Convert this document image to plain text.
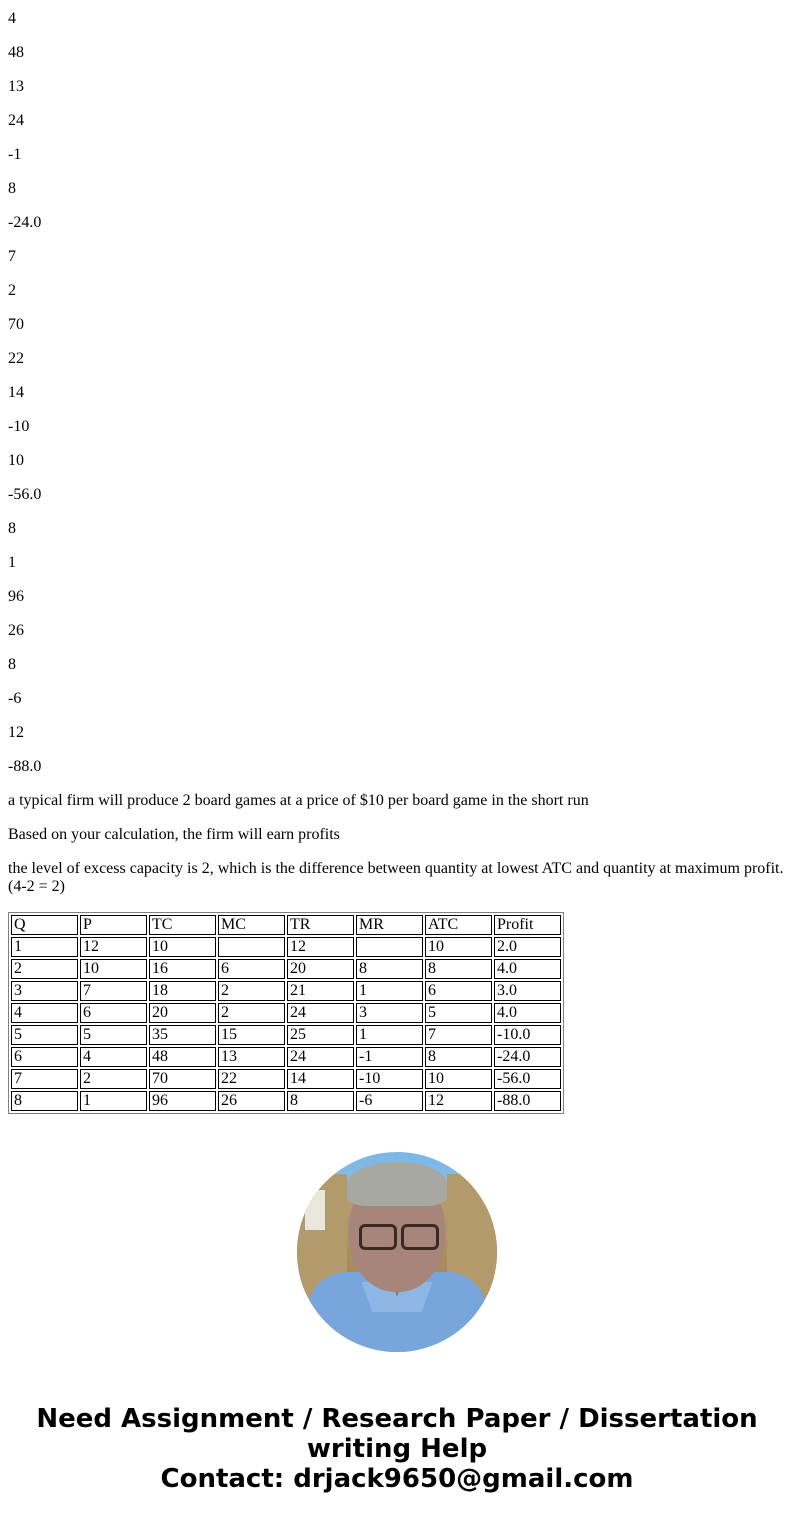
4

48

13

24

-1

8

-24.0

7

2

70

22

14

-10

10

-56.0

8

1

96

26

8

-6

12

-88.0

a typical firm will produce 2 board games at a price of $10 per board game in the short run

Based on your calculation, the firm will earn profits

the level of excess capacity is 2, which is the difference between quantity at lowest ATC and quantity at maximum profit. (4-2 = 2)

Q	P	TC	MC	TR	MR	ATC	Profit
1	12	10		12		10	2.0
2	10	16	6	20	8	8	4.0
3	7	18	2	21	1	6	3.0
4	6	20	2	24	3	5	4.0
5	5	35	15	25	1	7	-10.0
6	4	48	13	24	-1	8	-24.0
7	2	70	22	14	-10	10	-56.0
8	1	96	26	8	-6	12	-88.0
Need Assignment / Research Paper / Dissertation
writing Help
Contact: drjack9650@gmail.com
